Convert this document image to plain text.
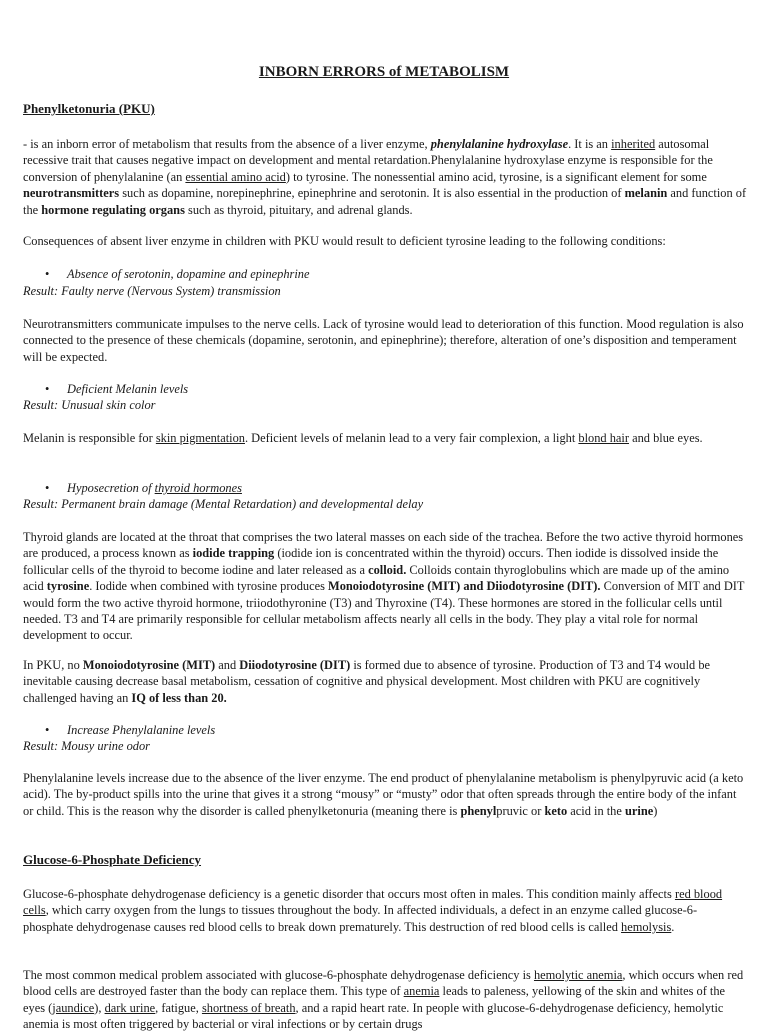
INBORN ERRORS of METABOLISM

Phenylketonuria (PKU)

- is an inborn error of metabolism that results from the absence of a liver enzyme, phenylalanine hydroxylase. It is an inherited autosomal recessive trait that causes negative impact on development and mental retardation.Phenylalanine hydroxylase enzyme is responsible for the conversion of phenylalanine (an essential amino acid) to tyrosine. The nonessential amino acid, tyrosine, is a significant element for some neurotransmitters such as dopamine, norepinephrine, epinephrine and serotonin. It is also essential in the production of melanin and function of the hormone regulating organs such as thyroid, pituitary, and adrenal glands.

Consequences of absent liver enzyme in children with PKU would result to deficient tyrosine leading to the following conditions:

• Absence of serotonin, dopamine and epinephrine

Result: Faulty nerve (Nervous System) transmission

Neurotransmitters communicate impulses to the nerve cells. Lack of tyrosine would lead to deterioration of this function. Mood regulation is also connected to the presence of these chemicals (dopamine, serotonin, and epinephrine); therefore, alteration of one’s disposition and temperament will be expected.

• Deficient Melanin levels

Result: Unusual skin color

Melanin is responsible for skin pigmentation. Deficient levels of melanin lead to a very fair complexion, a light blond hair and blue eyes.

• Hyposecretion of thyroid hormones

Result: Permanent brain damage (Mental Retardation) and developmental delay

Thyroid glands are located at the throat that comprises the two lateral masses on each side of the trachea. Before the two active thyroid hormones are produced, a process known as iodide trapping (iodide ion is concentrated within the thyroid) occurs. Then iodide is dissolved inside the follicular cells of the thyroid to become iodine and later released as a colloid. Colloids contain thyroglobulins which are made up of the amino acid tyrosine. Iodide when combined with tyrosine produces Monoiodotyrosine (MIT) and Diiodotyrosine (DIT). Conversion of MIT and DIT would form the two active thyroid hormone, triiodothyronine (T3) and Thyroxine (T4). These hormones are stored in the follicular cells until needed. T3 and T4 are primarily responsible for cellular metabolism affects nearly all cells in the body. They play a vital role for normal development to occur.

In PKU, no Monoiodotyrosine (MIT) and Diiodotyrosine (DIT) is formed due to absence of tyrosine. Production of T3 and T4 would be inevitable causing decrease basal metabolism, cessation of cognitive and physical development. Most children with PKU are cognitively challenged having an IQ of less than 20.

• Increase Phenylalanine levels

Result: Mousy urine odor

Phenylalanine levels increase due to the absence of the liver enzyme. The end product of phenylalanine metabolism is phenylpyruvic acid (a keto acid). The by-product spills into the urine that gives it a strong “mousy” or “musty” odor that often spreads through the entire body of the infant or child. This is the reason why the disorder is called phenylketonuria (meaning there is phenylpruvic or keto acid in the urine)

Glucose-6-Phosphate Deficiency

Glucose-6-phosphate dehydrogenase deficiency is a genetic disorder that occurs most often in males. This condition mainly affects red blood cells, which carry oxygen from the lungs to tissues throughout the body. In affected individuals, a defect in an enzyme called glucose-6-phosphate dehydrogenase causes red blood cells to break down prematurely. This destruction of red blood cells is called hemolysis.

The most common medical problem associated with glucose-6-phosphate dehydrogenase deficiency is hemolytic anemia, which occurs when red blood cells are destroyed faster than the body can replace them. This type of anemia leads to paleness, yellowing of the skin and whites of the eyes (jaundice), dark urine, fatigue, shortness of breath, and a rapid heart rate. In people with glucose-6-dehydrogenase deficiency, hemolytic anemia is most often triggered by bacterial or viral infections or by certain drugs
